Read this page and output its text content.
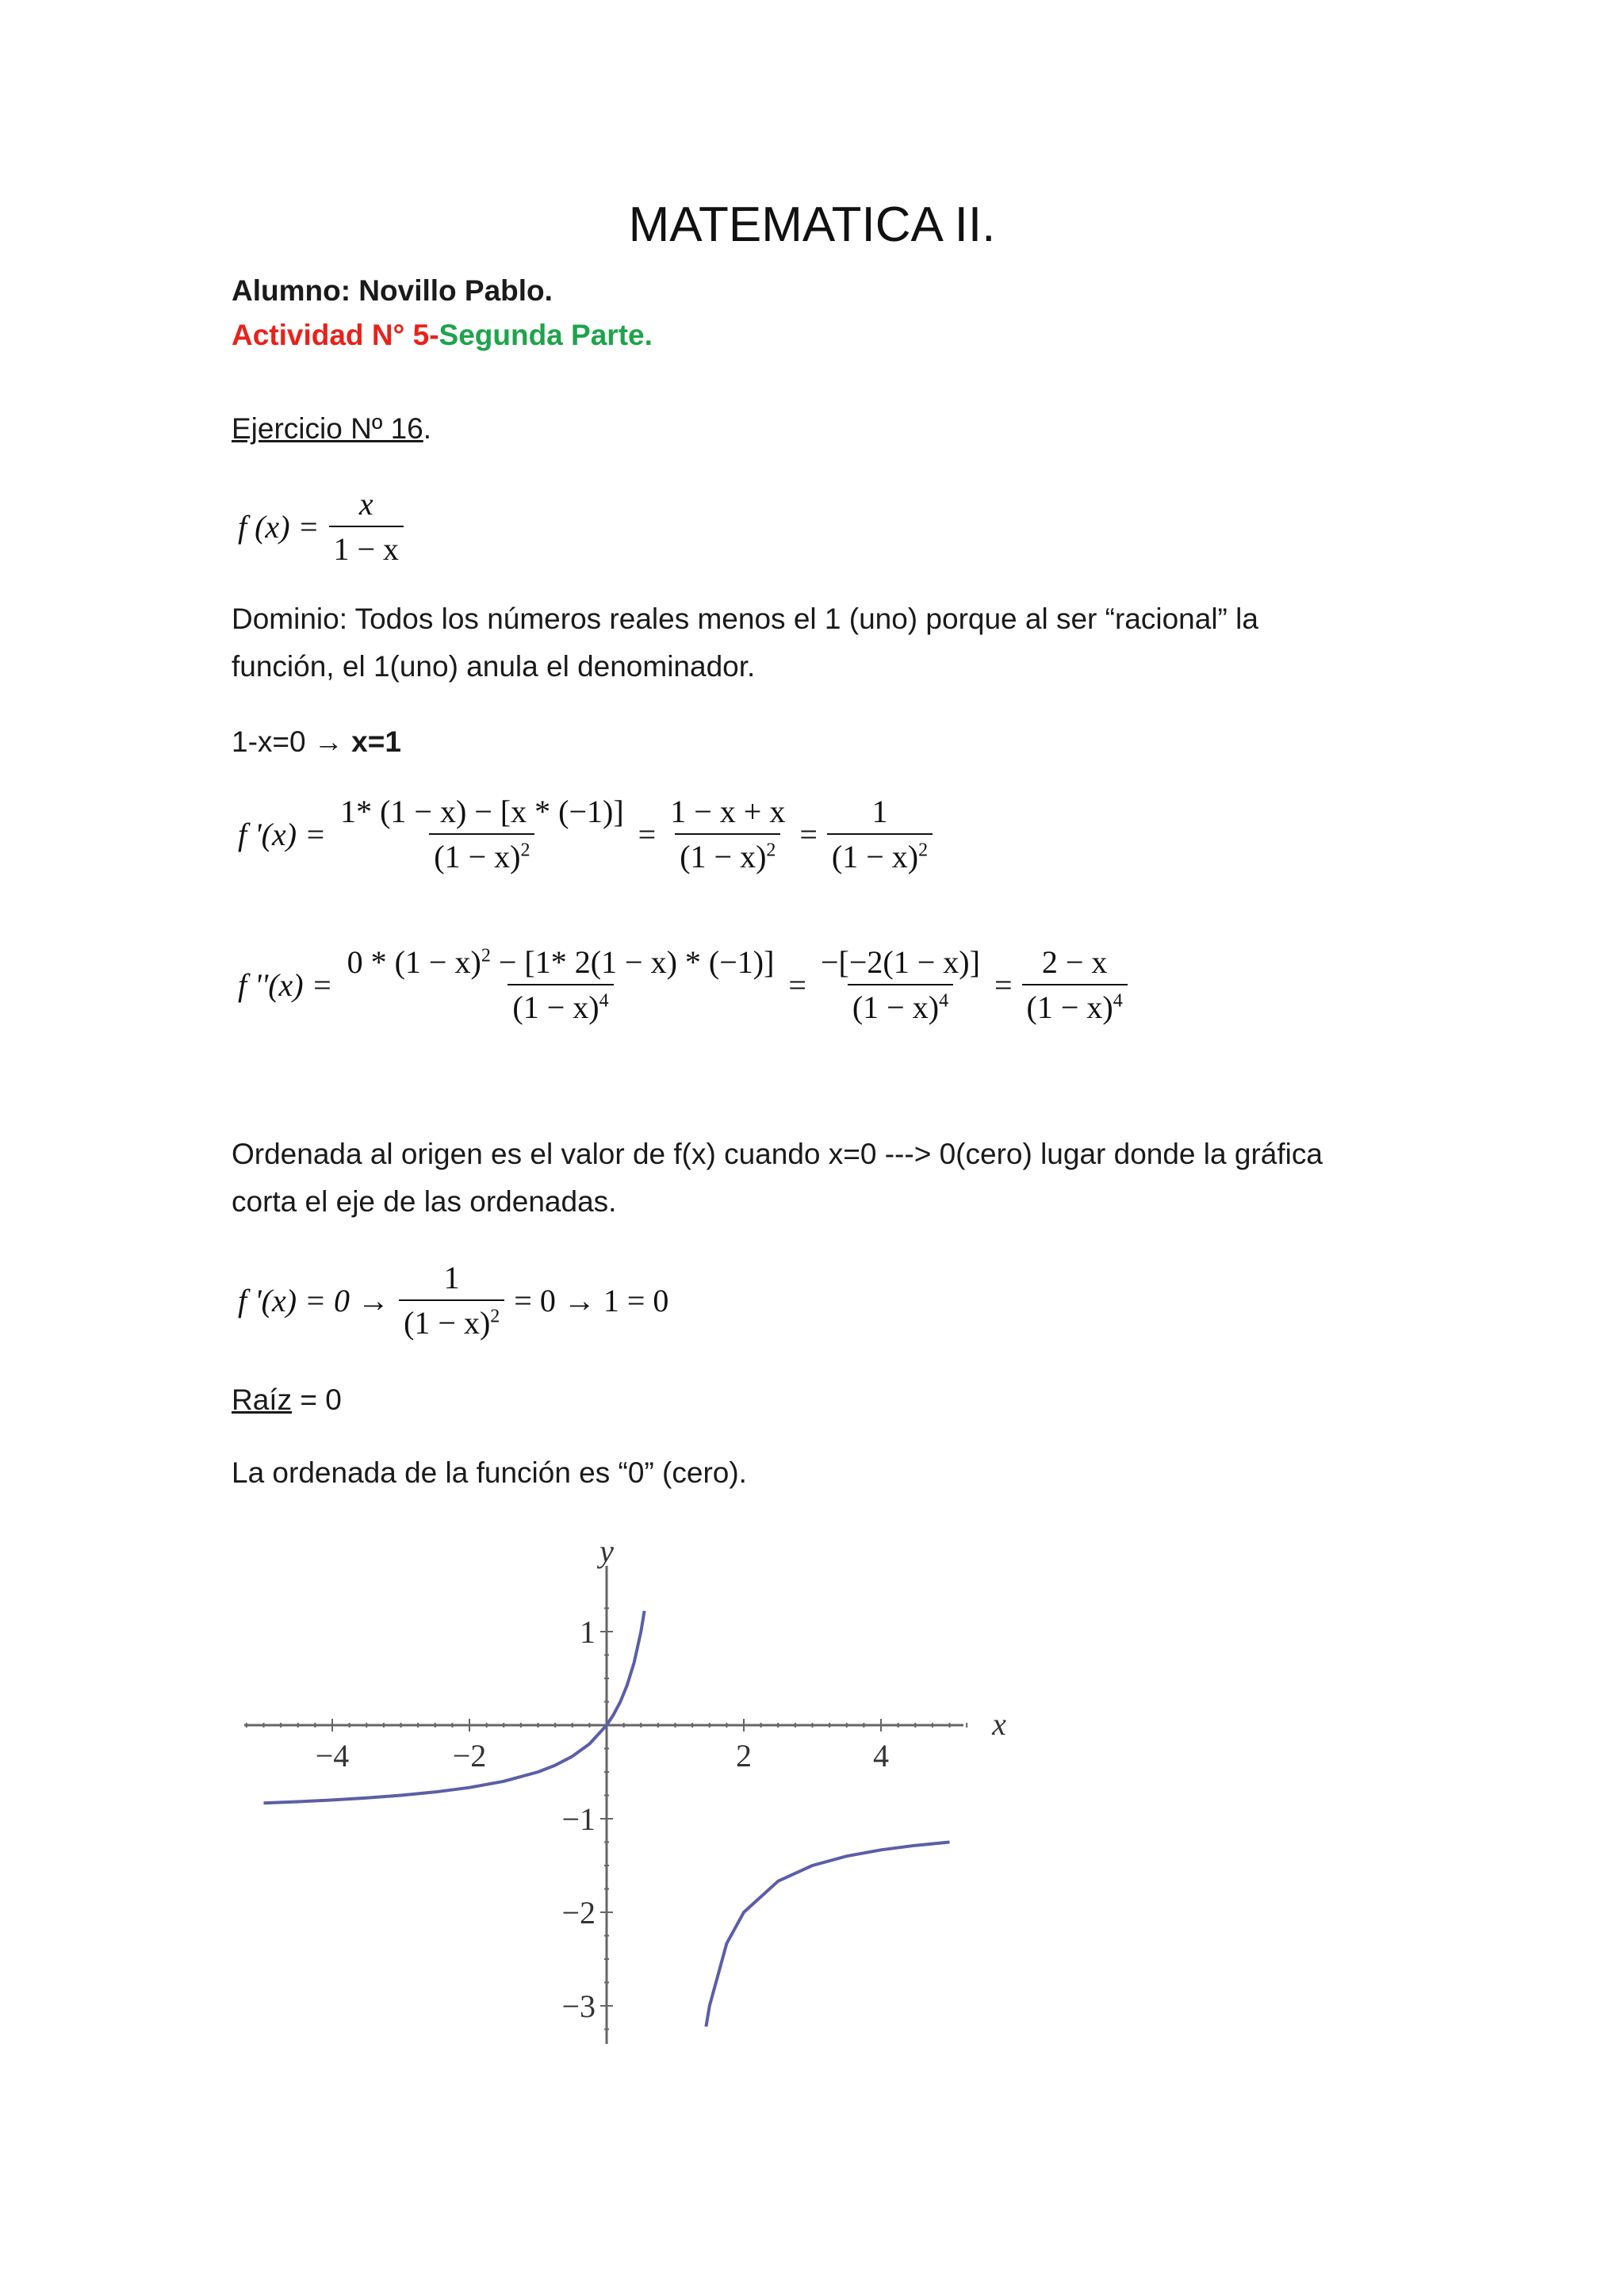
MATEMATICA II.
Alumno: Novillo Pablo.
Actividad N° 5-Segunda Parte.
Ejercicio Nº 16.
f $(x) = \frac{x}{1 - x}$
Dominio: Todos los números reales menos el 1 (uno) porque al ser “racional” la
función, el 1(uno) anula el denominador.
1-x=0 → x=1
f '$(x) = \frac{1* (1 - x) - [x * (-1)]}{(1 - x)^2} = \frac{1 - x + x}{(1 - x)^2} = \frac{1}{(1 - x)^2}$
f ''$(x) = \frac{0 * (1 - x)^2 - [1* 2(1 - x) * (-1)]}{(1 - x)^4} = \frac{-[-2(1 - x)]}{(1 - x)^4} = \frac{2 - x}{(1 - x)^4}$
Ordenada al origen es el valor de f(x) cuando x=0 ---> 0(cero) lugar donde la gráfica
corta el eje de las ordenadas.
f '$(x) = 0 \to \frac{1}{(1 - x)^2} = 0 \to 1 = 0$
Raíz = 0
La ordenada de la función es “0” (cero).
−4	−2	2	4
1
−1
−2
−3
x
y
